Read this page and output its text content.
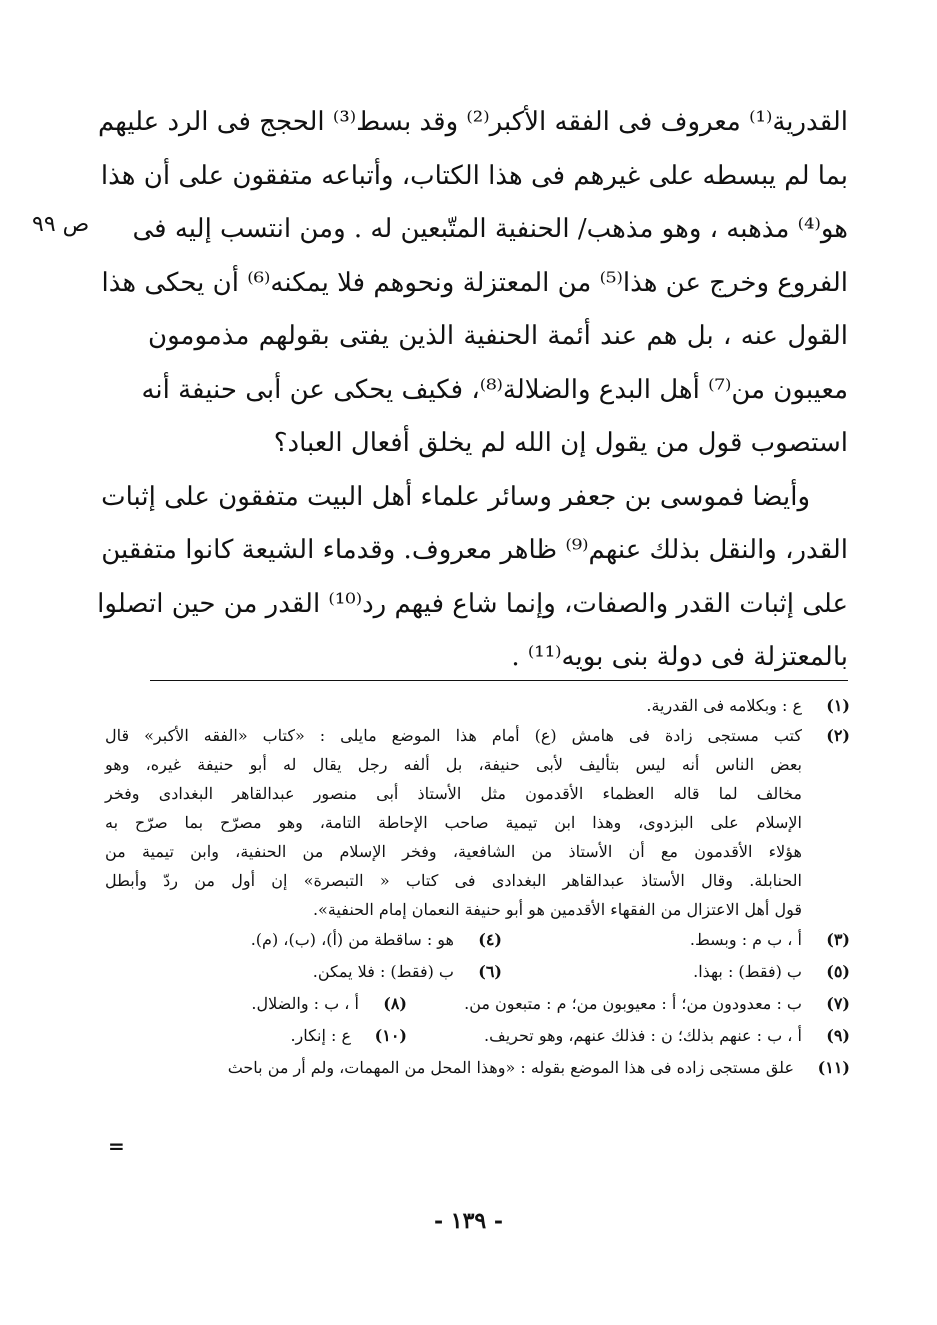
ص ٩٩
القدرية⁽¹⁾ معروف فى الفقه الأكبر⁽²⁾ وقد بسط⁽³⁾ الحجج فى الرد عليهم
بما لم يبسطه على غيرهم فى هذا الكتاب، وأتباعه متفقون على أن هذا
هو⁽⁴⁾ مذهبه ، وهو مذهب/ الحنفية المتّبعين له . ومن انتسب إليه فى
الفروع وخرج عن هذا⁽⁵⁾ من المعتزلة ونحوهم فلا يمكنه⁽⁶⁾ أن يحكى هذا
القول عنه ، بل هم عند أئمة الحنفية الذين يفتى بقولهم مذمومون
معيبون من⁽⁷⁾ أهل البدع والضلالة⁽⁸⁾، فكيف يحكى عن أبى حنيفة أنه
استصوب قول من يقول إن الله لم يخلق أفعال العباد؟
وأيضا فموسى بن جعفر وسائر علماء أهل البيت متفقون على إثبات
القدر، والنقل بذلك عنهم⁽⁹⁾ ظاهر معروف. وقدماء الشيعة كانوا متفقين
على إثبات القدر والصفات، وإنما شاع فيهم رد⁽¹⁰⁾ القدر من حين اتصلوا
بالمعتزلة فى دولة بنى بويه⁽¹¹⁾ .
(١)
ع : وبكلامه فى القدرية.
(٢)
كتب مستجى زادة فى هامش (ع) أمام هذا الموضع مايلى : «كتاب «الفقه الأكبر» قال
بعض الناس أنه ليس بتأليف لأبى حنيفة، بل ألفه رجل يقال له أبو حنيفة غيره، وهو
مخالف لما قاله العظماء الأقدمون مثل الأستاذ أبى منصور عبدالقاهر البغدادى وفخر
الإسلام على البزدوى، وهذا ابن تيمية صاحب الإحاطة التامة، وهو مصرّح بما صرّح به
هؤلاء الأقدمون مع أن الأستاذ من الشافعية، وفخر الإسلام من الحنفية، وابن تيمية من
الحنابلة. وقال الأستاذ عبدالقاهر البغدادى فى كتاب « التبصرة» إن أول من ردّ وأبطل
قول أهل الاعتزال من الفقهاء الأقدمين هو أبو حنيفة النعمان إمام الحنفية».
(٣)
أ ، ب م : وبسط.
(٤)
هو : ساقطة من (أ)، (ب)، (م).
(٥)
ب (فقط) : بهذا.
(٦)
ب (فقط) : فلا يمكن.
(٧)
ب : معدودون من؛ أ : معيوبون من؛ م : متبعون من.
(٨)
أ ، ب : والضلال.
(٩)
أ ، ب : عنهم بذلك؛ ن : فذلك عنهم، وهو تحريف.
(١٠)
ع : إنكار.
(١١)
علق مستجى زاده فى هذا الموضع بقوله : «وهذا المحل من المهمات، ولم أر من باحث
=
- ١٣٩ -
